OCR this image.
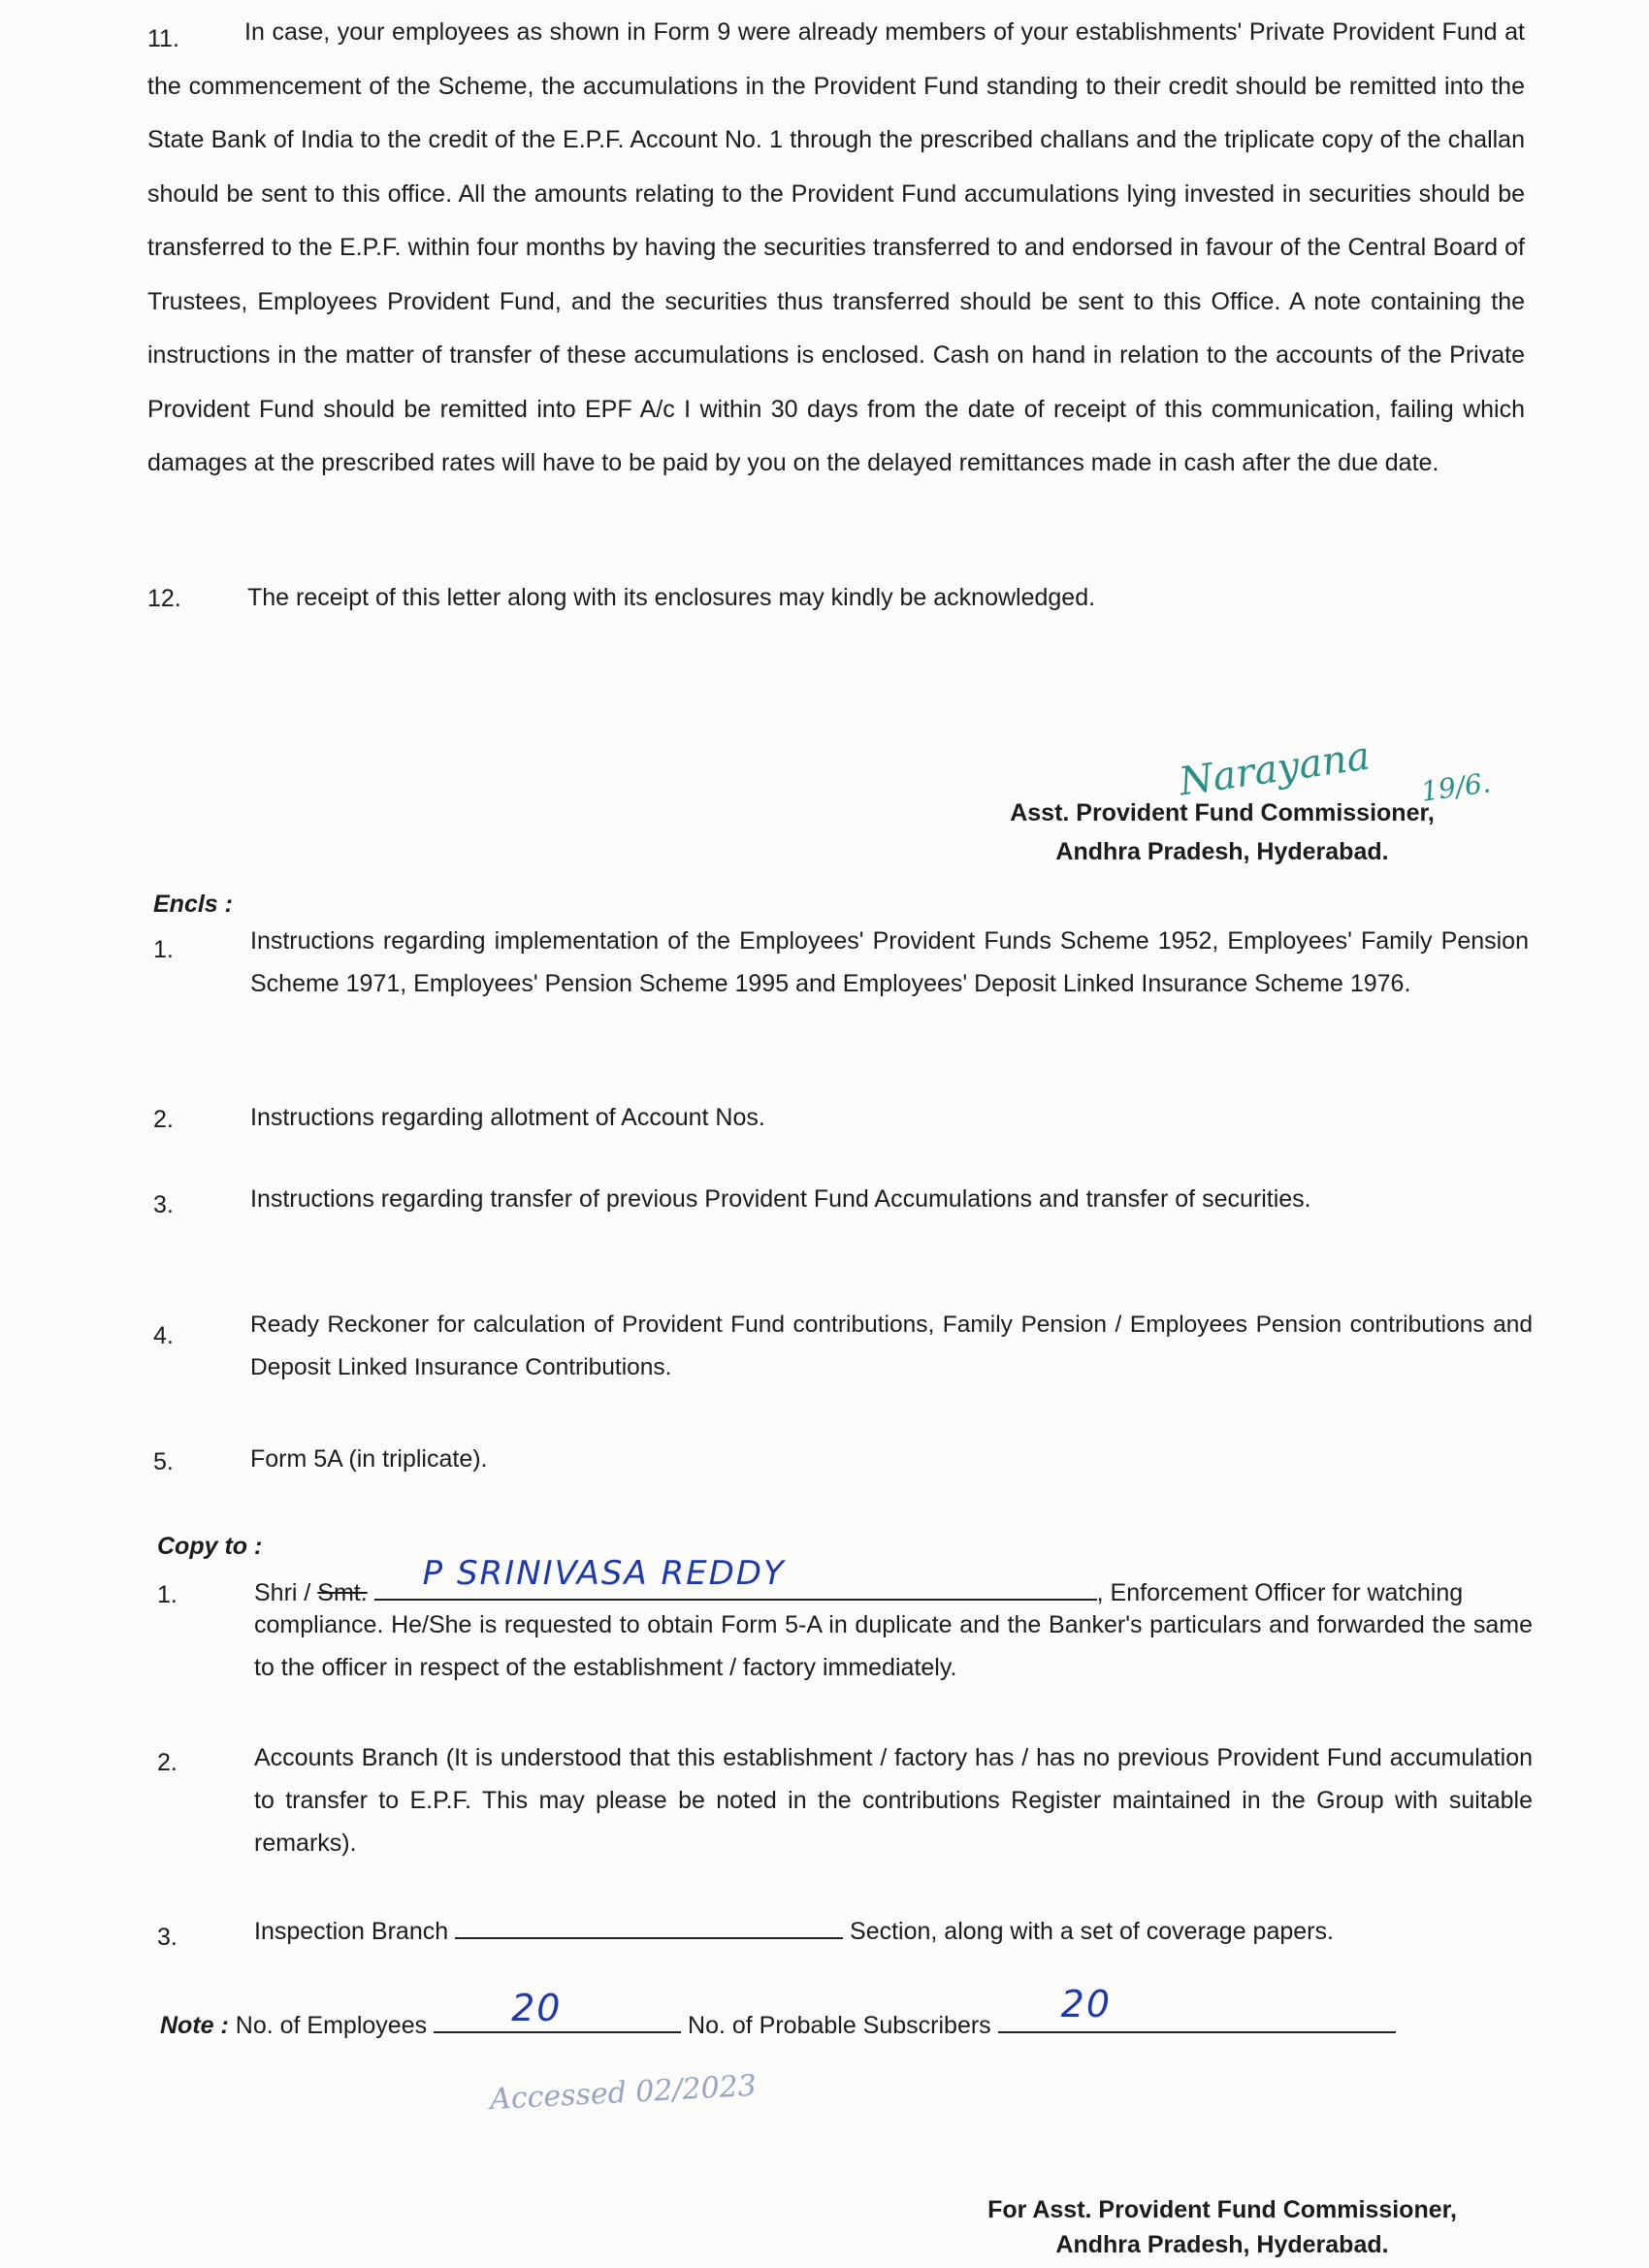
11.	In case, your employees as shown in Form 9 were already members of your establishments' Private Provident Fund at the commencement of the Scheme, the accumulations in the Provident Fund standing to their credit should be remitted into the State Bank of India to the credit of the E.P.F. Account No. 1 through the prescribed challans and the triplicate copy of the challan should be sent to this office. All the amounts relating to the Provident Fund accumulations lying invested in securities should be transferred to the E.P.F. within four months by having the securities transferred to and endorsed in favour of the Central Board of Trustees, Employees Provident Fund, and the securities thus transferred should be sent to this Office. A note containing the instructions in the matter of transfer of these accumulations is enclosed. Cash on hand in relation to the accounts of the Private Provident Fund should be remitted into EPF A/c I within 30 days from the date of receipt of this communication, failing which damages at the prescribed rates will have to be paid by you on the delayed remittances made in cash after the due date.
12.	The receipt of this letter along with its enclosures may kindly be acknowledged.
Narayana 19/6.
Asst. Provident Fund Commissioner,
Andhra Pradesh, Hyderabad.
Encls :
1.	Instructions regarding implementation of the Employees' Provident Funds Scheme 1952, Employees' Family Pension Scheme 1971, Employees' Pension Scheme 1995 and Employees' Deposit Linked Insurance Scheme 1976.
2.	Instructions regarding allotment of Account Nos.
3.	Instructions regarding transfer of previous Provident Fund Accumulations and transfer of securities.
4.	Ready Reckoner for calculation of Provident Fund contributions, Family Pension / Employees Pension contributions and Deposit Linked Insurance Contributions.
5.	Form 5A (in triplicate).
Copy to :
1.	Shri / Smt. P SRINIVASA REDDY	, Enforcement Officer for watching
compliance. He/She is requested to obtain Form 5-A in duplicate and the Banker's particulars and forwarded the same to the officer in respect of the establishment / factory immediately.
2.	Accounts Branch (It is understood that this establishment / factory has / has no previous Provident Fund accumulation to transfer to E.P.F. This may please be noted in the contributions Register maintained in the Group with suitable remarks).
3.	Inspection Branch	Section, along with a set of coverage papers.
Note : No. of Employees 20	No. of Probable Subscribers 20
Accessed 02/2023
For Asst. Provident Fund Commissioner,
Andhra Pradesh, Hyderabad.
